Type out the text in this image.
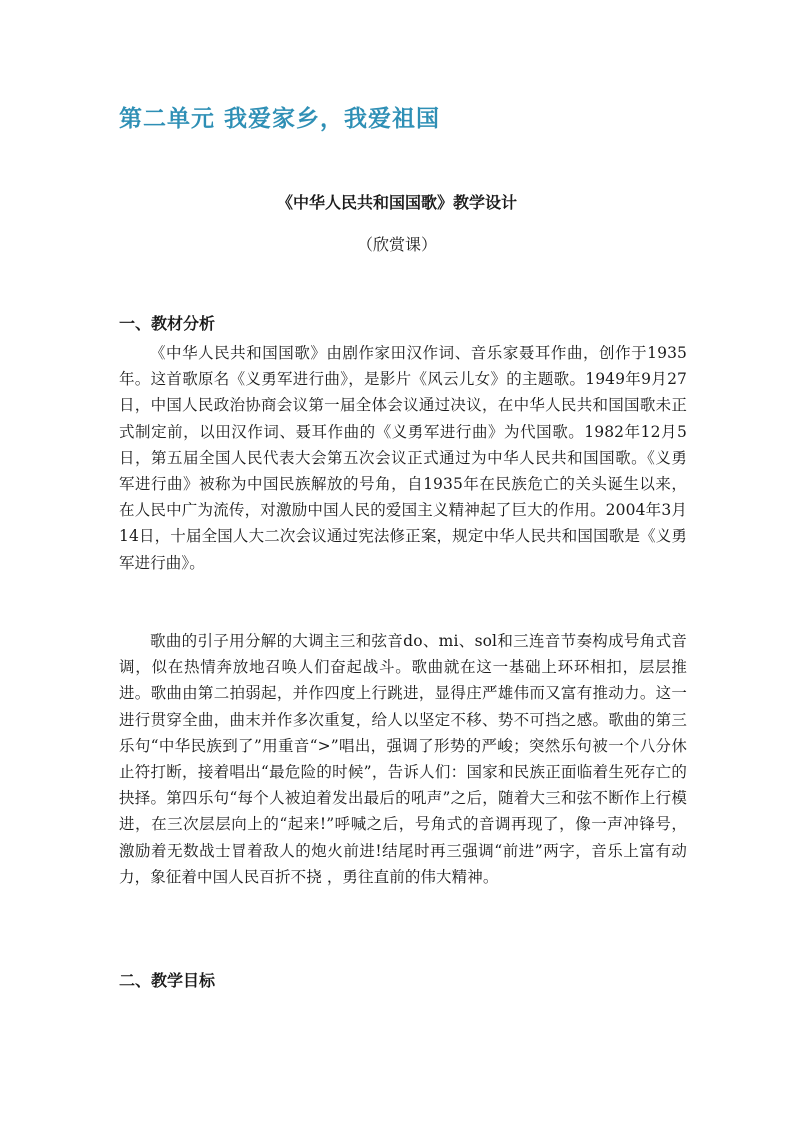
第二单元 我爱家乡，我爱祖国
《中华人民共和国国歌》教学设计
（欣赏课）
一、教材分析

《中华人民共和国国歌》由剧作家田汉作词、音乐家聂耳作曲，创作于1935年。这首歌原名《义勇军进行曲》，是影片《风云儿女》的主题歌。1949年9月27日，中国人民政治协商会议第一届全体会议通过决议，在中华人民共和国国歌未正式制定前，以田汉作词、聂耳作曲的《义勇军进行曲》为代国歌。1982年12月5日，第五届全国人民代表大会第五次会议正式通过为中华人民共和国国歌。《义勇军进行曲》被称为中国民族解放的号角，自1935年在民族危亡的关头诞生以来，在人民中广为流传，对激励中国人民的爱国主义精神起了巨大的作用。2004年3月14日，十届全国人大二次会议通过宪法修正案，规定中华人民共和国国歌是《义勇军进行曲》。

歌曲的引子用分解的大调主三和弦音do、mi、sol和三连音节奏构成号角式音调，似在热情奔放地召唤人们奋起战斗。歌曲就在这一基础上环环相扣，层层推进。歌曲由第二拍弱起，并作四度上行跳进，显得庄严雄伟而又富有推动力。这一进行贯穿全曲，曲末并作多次重复，给人以坚定不移、势不可挡之感。歌曲的第三乐句“中华民族到了”用重音“>”唱出，强调了形势的严峻；突然乐句被一个八分休止符打断，接着唱出“最危险的时候”，告诉人们：国家和民族正面临着生死存亡的抉择。第四乐句“每个人被迫着发出最后的吼声”之后，随着大三和弦不断作上行模进，在三次层层向上的“起来!”呼喊之后，号角式的音调再现了，像一声冲锋号，激励着无数战士冒着敌人的炮火前进!结尾时再三强调“前进”两字，音乐上富有动力，象征着中国人民百折不挠 ，勇往直前的伟大精神。

二、教学目标
